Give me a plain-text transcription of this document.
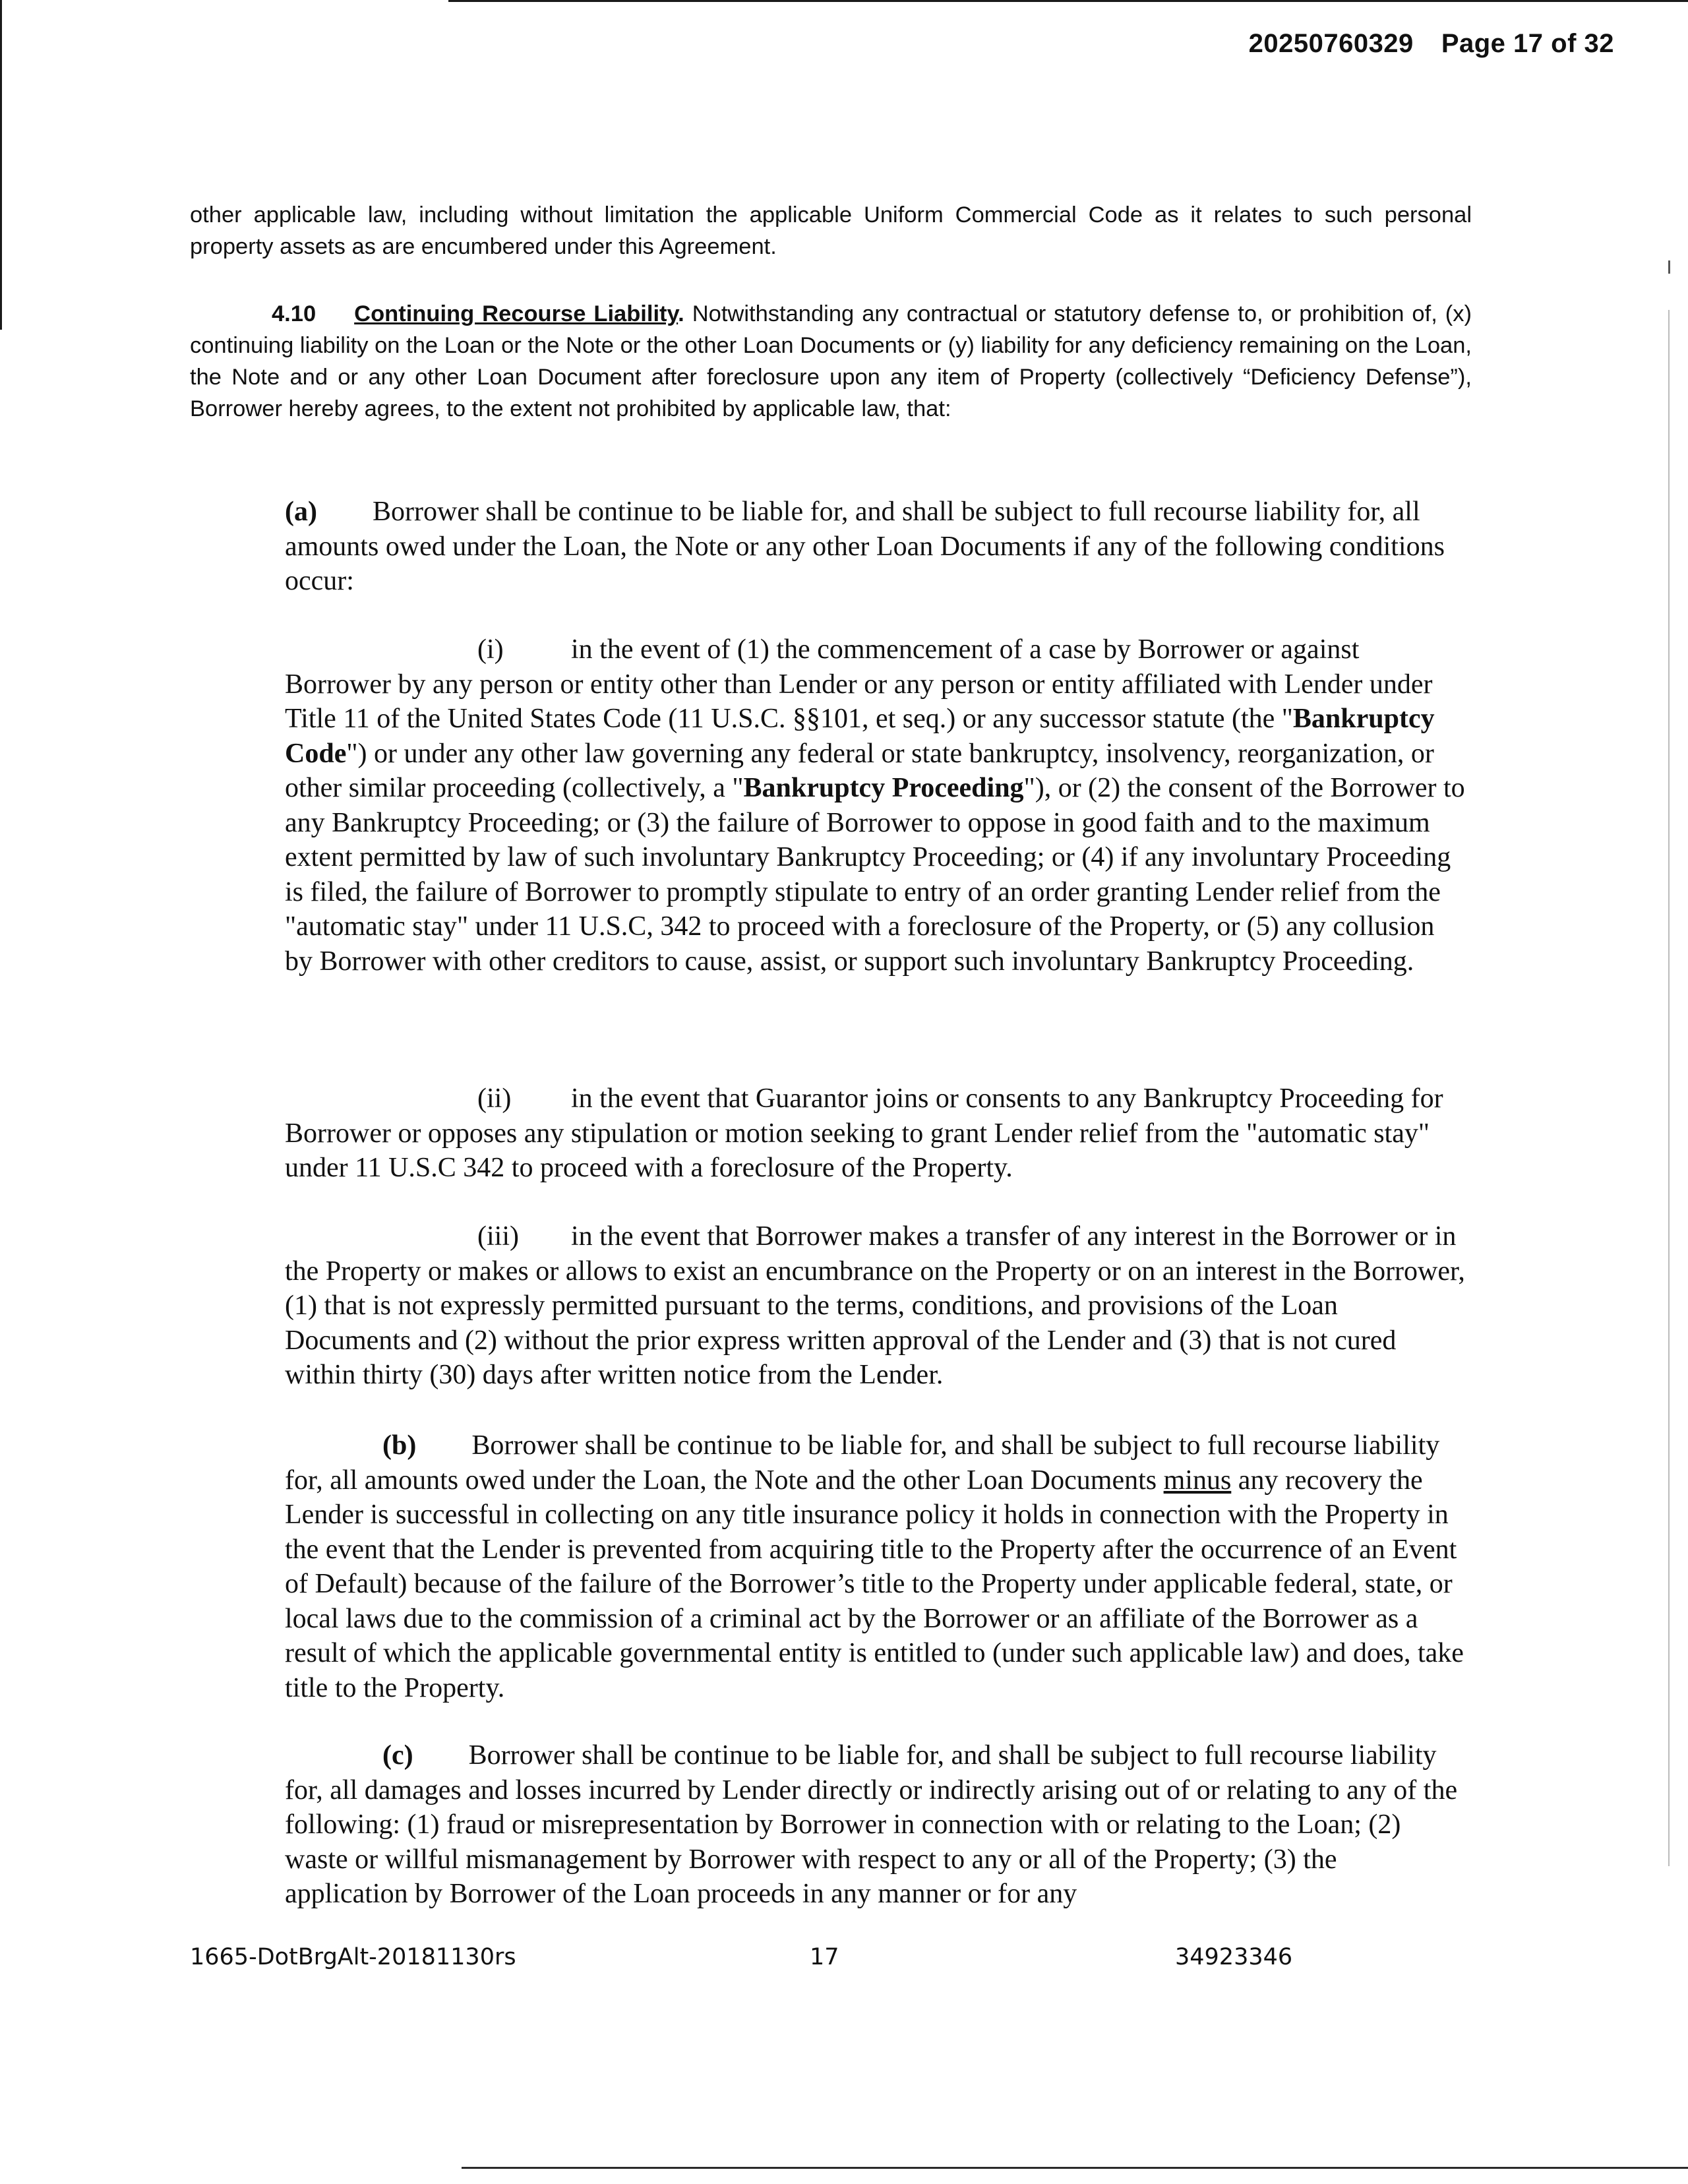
20250760329 Page 17 of 32

other applicable law, including without limitation the applicable Uniform Commercial Code as it relates to such personal property assets as are encumbered under this Agreement.

4.10 Continuing Recourse Liability. Notwithstanding any contractual or statutory defense to, or prohibition of, (x) continuing liability on the Loan or the Note or the other Loan Documents or (y) liability for any deficiency remaining on the Loan, the Note and or any other Loan Document after foreclosure upon any item of Property (collectively “Deficiency Defense”), Borrower hereby agrees, to the extent not prohibited by applicable law, that:

(a) Borrower shall be continue to be liable for, and shall be subject to full recourse liability for, all amounts owed under the Loan, the Note or any other Loan Documents if any of the following conditions occur:

(i) in the event of (1) the commencement of a case by Borrower or against Borrower by any person or entity other than Lender or any person or entity affiliated with Lender under Title 11 of the United States Code (11 U.S.C. §§101, et seq.) or any successor statute (the "Bankruptcy Code") or under any other law governing any federal or state bankruptcy, insolvency, reorganization, or other similar proceeding (collectively, a "Bankruptcy Proceeding"), or (2) the consent of the Borrower to any Bankruptcy Proceeding; or (3) the failure of Borrower to oppose in good faith and to the maximum extent permitted by law of such involuntary Bankruptcy Proceeding; or (4) if any involuntary Proceeding is filed, the failure of Borrower to promptly stipulate to entry of an order granting Lender relief from the "automatic stay" under 11 U.S.C, 342 to proceed with a foreclosure of the Property, or (5) any collusion by Borrower with other creditors to cause, assist, or support such involuntary Bankruptcy Proceeding.

(ii) in the event that Guarantor joins or consents to any Bankruptcy Proceeding for Borrower or opposes any stipulation or motion seeking to grant Lender relief from the "automatic stay" under 11 U.S.C 342 to proceed with a foreclosure of the Property.

(iii) in the event that Borrower makes a transfer of any interest in the Borrower or in the Property or makes or allows to exist an encumbrance on the Property or on an interest in the Borrower, (1) that is not expressly permitted pursuant to the terms, conditions, and provisions of the Loan Documents and (2) without the prior express written approval of the Lender and (3) that is not cured within thirty (30) days after written notice from the Lender.

(b) Borrower shall be continue to be liable for, and shall be subject to full recourse liability for, all amounts owed under the Loan, the Note and the other Loan Documents minus any recovery the Lender is successful in collecting on any title insurance policy it holds in connection with the Property in the event that the Lender is prevented from acquiring title to the Property after the occurrence of an Event of Default) because of the failure of the Borrower’s title to the Property under applicable federal, state, or local laws due to the commission of a criminal act by the Borrower or an affiliate of the Borrower as a result of which the applicable governmental entity is entitled to (under such applicable law) and does, take title to the Property.

(c) Borrower shall be continue to be liable for, and shall be subject to full recourse liability for, all damages and losses incurred by Lender directly or indirectly arising out of or relating to any of the following: (1) fraud or misrepresentation by Borrower in connection with or relating to the Loan; (2) waste or willful mismanagement by Borrower with respect to any or all of the Property; (3) the application by Borrower of the Loan proceeds in any manner or for any

1665-DotBrgAlt-20181130rs	17	34923346
